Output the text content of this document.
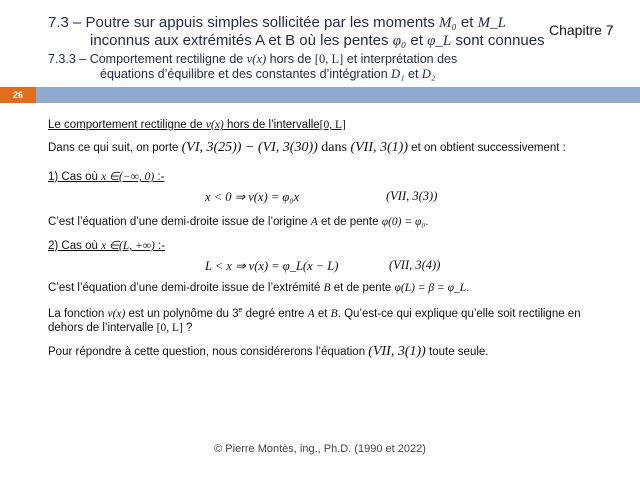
7.3 – Poutre sur appuis simples sollicitée par les moments M₀ et M_L
inconnus aux extrémités A et B où les pentes φ₀ et φ_L sont connues
Chapitre 7
7.3.3 – Comportement rectiligne de v(x) hors de [0, L] et interprétation des
équations d’équilibre et des constantes d’intégration D₁ et D₂
26
Le comportement rectiligne de v(x) hors de l’intervalle[0, L]
Dans ce qui suit, on porte (VI, 3(25)) − (VI, 3(30)) dans (VII, 3(1)) et on obtient successivement :
1) Cas où x ∈(−∞, 0) :-
x < 0 ⇒ v(x) = φ₀x	(VII, 3(3))
C’est l’équation d’une demi-droite issue de l’origine A et de pente φ(0) = φ₀.
2) Cas où x ∈(L, +∞) :-
L < x ⇒ v(x) = φ_L(x − L)	(VII, 3(4))
C’est l’équation d’une demi-droite issue de l’extrémité B et de pente φ(L) = β = φ_L.
La fonction v(x) est un polynôme du 3e degré entre A et B. Qu’est-ce qui explique qu’elle soit rectiligne en
dehors de l’intervalle [0, L] ?
Pour répondre à cette question, nous considérerons l’équation (VII, 3(1)) toute seule.
© Pierre Montès, ing., Ph.D. (1990 et 2022)
